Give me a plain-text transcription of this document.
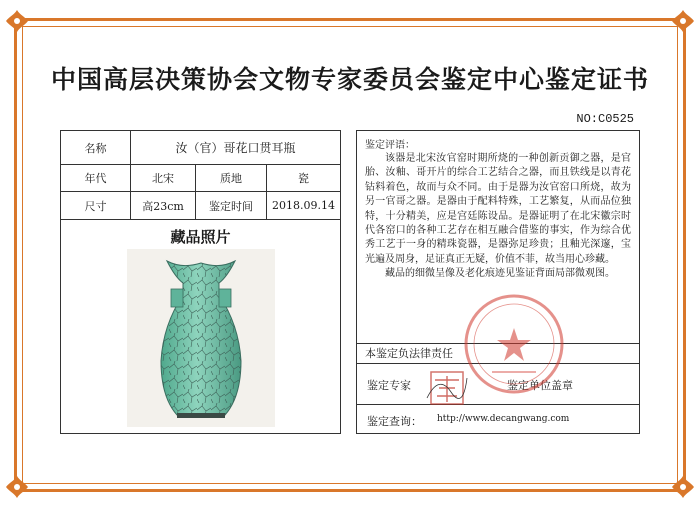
中国高层决策协会文物专家委员会鉴定中心鉴定证书
NO:C0525
名称	汝（官）哥花口贯耳瓶
年代	北宋	质地	瓷
尺寸	高23cm	鉴定时间	2018.09.14
藏品照片
鉴定评语：
该器是北宋汝官窑时期所烧的一种创新贡御之器，是官胎、汝釉、哥开片的综合工艺结合之器，而且铁线是以青花钴料着色，故而与众不同。由于是器为汝官窑口所烧，故为另一官哥之器。是器由于配料特殊，工艺繁复，从而品位独特，十分精美，应是宫廷陈设品。是器证明了在北宋徽宗时代各窑口的各种工艺存在相互融合借鉴的事实，作为综合优秀工艺于一身的精珠瓷器，是器弥足珍贵；且釉光深邃，宝光遍及周身，足证真正无疑，价值不菲，故当用心珍藏。
藏品的细微呈像及老化痕迹见鉴证背面局部微观图。
本鉴定负法律责任
鉴定专家	鉴定单位盖章
鉴定查询： http://www.decangwang.com
